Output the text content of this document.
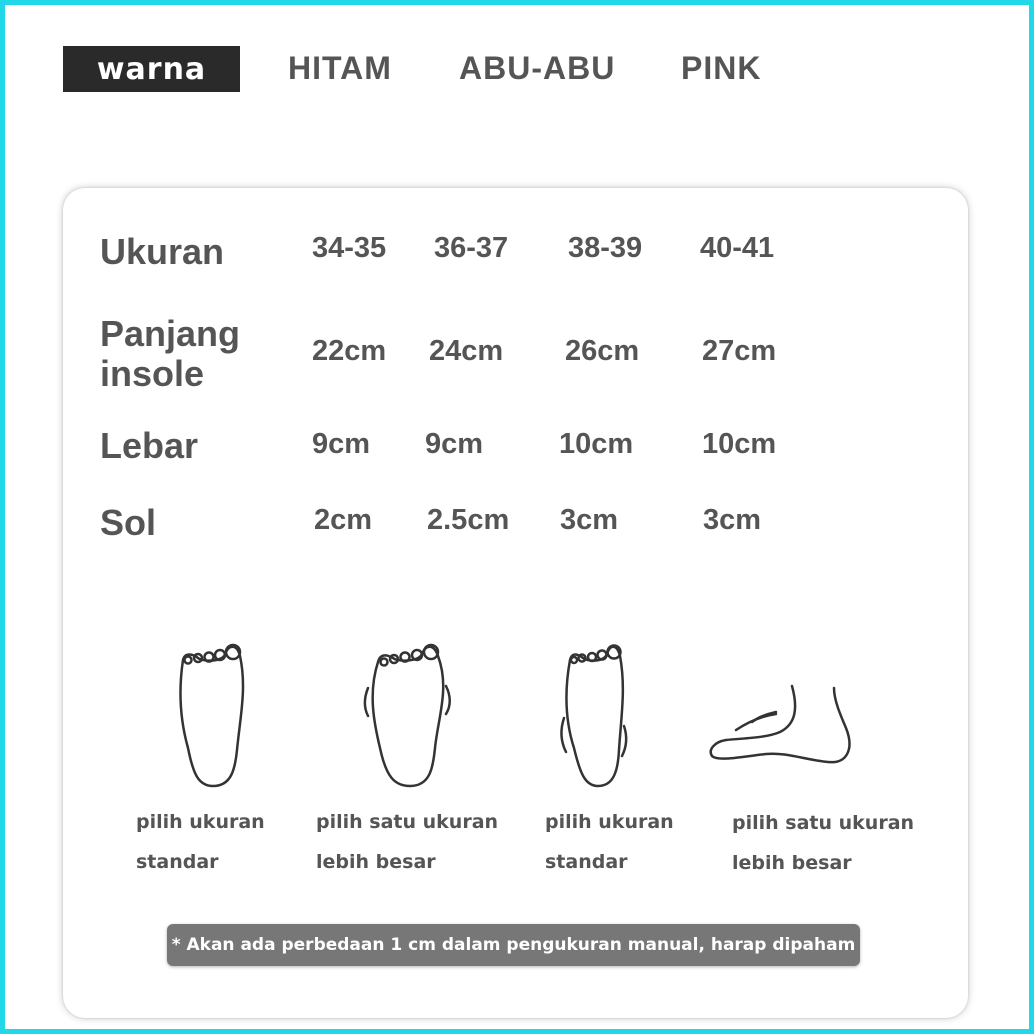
warna	HITAM ABU-ABU PINK
Ukuran	34-35 36-37 38-39 40-41
Panjang
insole
22cm 24cm 26cm 27cm
Lebar	9cm 9cm	10cm 10cm
Sol	2cm 2.5cm 3cm	3cm
pilih ukuran
standar
pilih satu ukuran
lebih besar
pilih ukuran
standar
pilih satu ukuran
lebih besar
* Akan ada perbedaan 1 cm dalam pengukuran manual, harap dipaham
